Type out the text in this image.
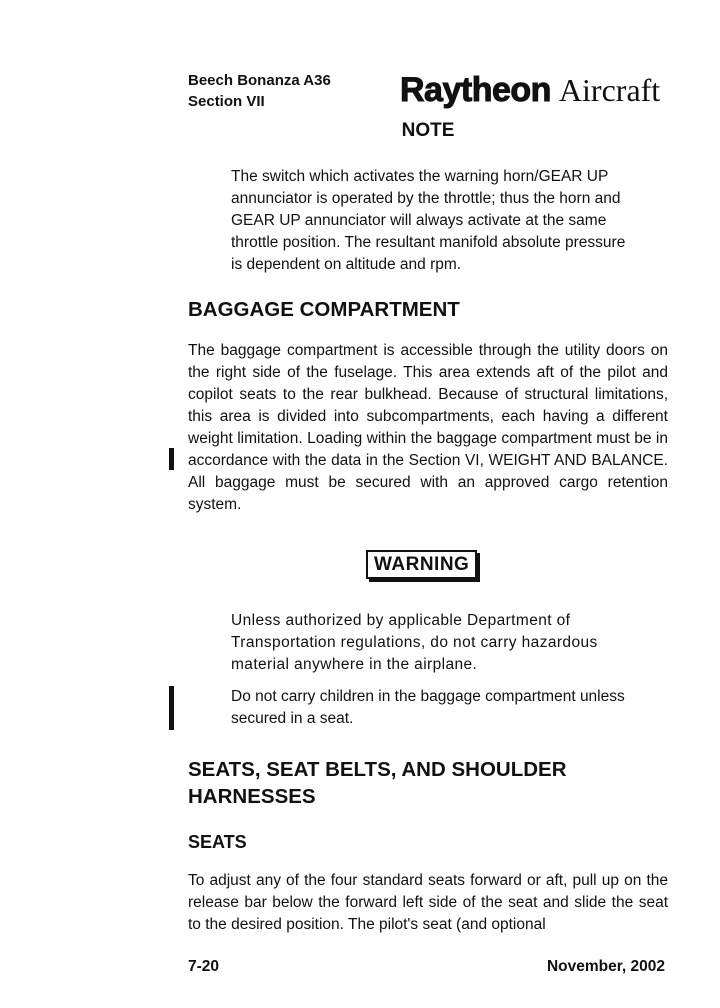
Beech Bonanza A36
Section VII	Raytheon Aircraft
NOTE

The switch which activates the warning horn/GEAR UP annunciator is operated by the throttle; thus the horn and GEAR UP annunciator will always activate at the same throttle position. The resultant manifold absolute pressure is dependent on altitude and rpm.

BAGGAGE COMPARTMENT

The baggage compartment is accessible through the utility doors on the right side of the fuselage. This area extends aft of the pilot and copilot seats to the rear bulkhead. Because of structural limitations, this area is divided into subcompartments, each having a different weight limitation. Loading within the baggage compartment must be in accordance with the data in the Section VI, WEIGHT AND BALANCE. All baggage must be secured with an approved cargo retention system.

WARNING

Unless authorized by applicable Department of Transportation regulations, do not carry hazardous material anywhere in the airplane.

Do not carry children in the baggage compartment unless secured in a seat.

SEATS, SEAT BELTS, AND SHOULDER HARNESSES
SEATS

To adjust any of the four standard seats forward or aft, pull up on the release bar below the forward left side of the seat and slide the seat to the desired position. The pilot's seat (and optional

7-20	November, 2002
